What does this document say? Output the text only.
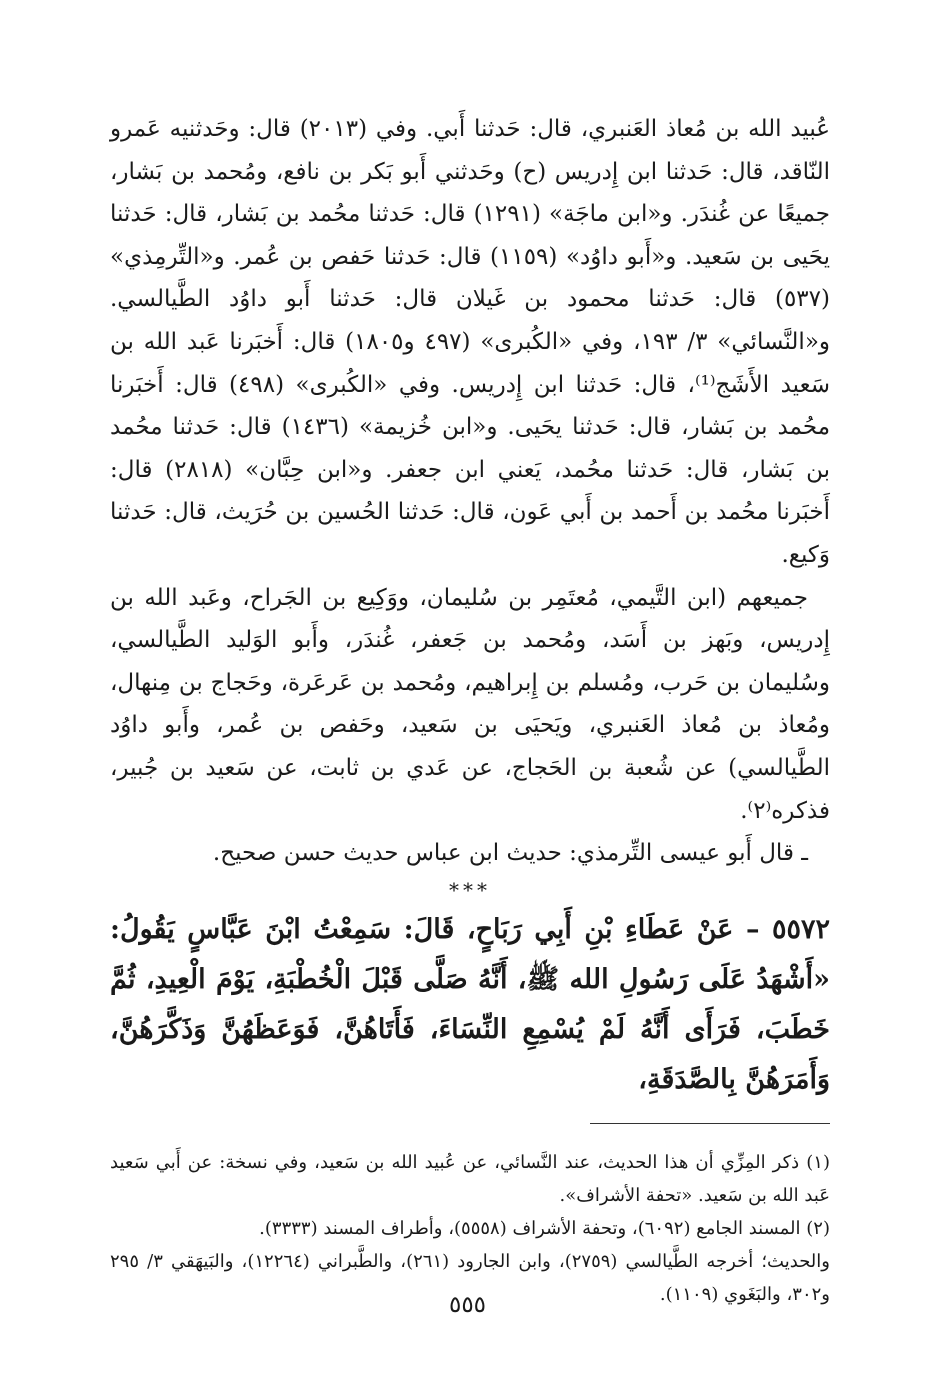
عُبيد الله بن مُعاذ العَنبري، قال: حَدثنا أَبي. وفي (٢٠١٣) قال: وحَدثنيه عَمرو النّاقد، قال: حَدثنا ابن إِدريس (ح) وحَدثني أَبو بَكر بن نافع، ومُحمد بن بَشار، جميعًا عن غُندَر. و«ابن ماجَة» (١٢٩١) قال: حَدثنا محُمد بن بَشار، قال: حَدثنا يحَيى بن سَعيد. و«أَبو داوُد» (١١٥٩) قال: حَدثنا حَفص بن عُمر. و«التِّرمِذي» (٥٣٧) قال: حَدثنا محمود بن غَيلان قال: حَدثنا أَبو داوُد الطَّيالسي. و«النَّسائي» ٣/ ١٩٣، وفي «الكُبرى» (٤٩٧ و١٨٠٥) قال: أَخبَرنا عَبد الله بن سَعيد الأَشَج⁽¹⁾، قال: حَدثنا ابن إِدريس. وفي «الكُبرى» (٤٩٨) قال: أَخبَرنا محُمد بن بَشار، قال: حَدثنا يحَيى. و«ابن خُزيمة» (١٤٣٦) قال: حَدثنا محُمد بن بَشار، قال: حَدثنا محُمد، يَعني ابن جعفر. و«ابن حِبَّان» (٢٨١٨) قال: أَخبَرنا محُمد بن أَحمد بن أَبي عَون، قال: حَدثنا الحُسين بن حُرَيث، قال: حَدثنا وَكيع.

جميعهم (ابن التَّيمي، مُعتَمِر بن سُليمان، ووَكِيع بن الجَراح، وعَبد الله بن إِدريس، وبَهز بن أَسَد، ومُحمد بن جَعفر، غُندَر، وأَبو الوَليد الطَّيالسي، وسُليمان بن حَرب، ومُسلم بن إِبراهيم، ومُحمد بن عَرعَرة، وحَجاج بن مِنهال، ومُعاذ بن مُعاذ العَنبري، ويَحيَى بن سَعيد، وحَفص بن عُمر، وأَبو داوُد الطَّيالسي) عن شُعبة بن الحَجاج، عن عَدي بن ثابت، عن سَعيد بن جُبير، فذكره⁽٢⁾.

ـ قال أَبو عيسى التِّرمذي: حديث ابن عباس حديث حسن صحيح.

***

٥٥٧٢ – عَنْ عَطَاءِ بْنِ أَبِي رَبَاحٍ، قَالَ: سَمِعْتُ ابْنَ عَبَّاسٍ يَقُولُ: «أَشْهَدُ عَلَى رَسُولِ الله ﷺ، أَنَّهُ صَلَّى قَبْلَ الْخُطْبَةِ، يَوْمَ الْعِيدِ، ثُمَّ خَطَبَ، فَرَأَى أَنَّهُ لَمْ يُسْمِعِ النِّسَاءَ، فَأَتَاهُنَّ، فَوَعَظَهُنَّ وَذَكَّرَهُنَّ، وَأَمَرَهُنَّ بِالصَّدَقَةِ،

(١) ذكر المِزِّي أن هذا الحديث، عند النَّسائي، عن عُبيد الله بن سَعيد، وفي نسخة: عن أَبي سَعيد عَبد الله بن سَعيد. «تحفة الأشراف».

(٢) المسند الجامع (٦٠٩٢)، وتحفة الأشراف (٥٥٥٨)، وأطراف المسند (٣٣٣٣).

والحديث؛ أخرجه الطَّيالسي (٢٧٥٩)، وابن الجارود (٢٦١)، والطَّبراني (١٢٢٦٤)، والبَيهَقي ٣/ ٢٩٥ و٣٠٢، والبَغَوي (١١٠٩).

٥٥٥
